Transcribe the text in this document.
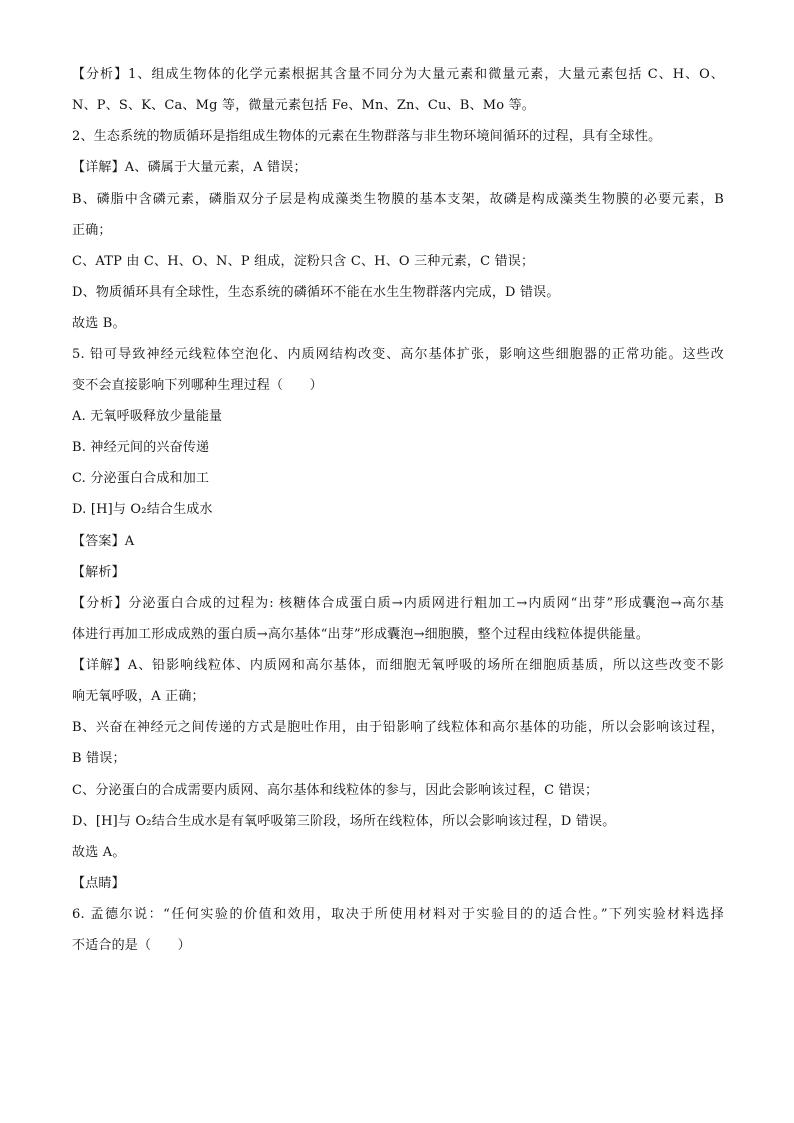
【分析】1、组成生物体的化学元素根据其含量不同分为大量元素和微量元素，大量元素包括 C、H、O、
N、P、S、K、Ca、Mg 等，微量元素包括 Fe、Mn、Zn、Cu、B、Mo 等。
2、生态系统的物质循环是指组成生物体的元素在生物群落与非生物环境间循环的过程，具有全球性。
【详解】A、磷属于大量元素，A 错误；
B、磷脂中含磷元素，磷脂双分子层是构成藻类生物膜的基本支架，故磷是构成藻类生物膜的必要元素，B
正确；
C、ATP 由 C、H、O、N、P 组成，淀粉只含 C、H、O 三种元素，C 错误；
D、物质循环具有全球性，生态系统的磷循环不能在水生生物群落内完成，D 错误。
故选 B。
5. 铅可导致神经元线粒体空泡化、内质网结构改变、高尔基体扩张，影响这些细胞器的正常功能。这些改
变不会直接影响下列哪种生理过程（　　）
A. 无氧呼吸释放少量能量
B. 神经元间的兴奋传递
C. 分泌蛋白合成和加工
D. [H]与 O₂结合生成水
【答案】A
【解析】
【分析】分泌蛋白合成的过程为: 核糖体合成蛋白质→内质网进行粗加工→内质网“出芽”形成囊泡→高尔基
体进行再加工形成成熟的蛋白质→高尔基体“出芽”形成囊泡→细胞膜，整个过程由线粒体提供能量。
【详解】A、铅影响线粒体、内质网和高尔基体，而细胞无氧呼吸的场所在细胞质基质，所以这些改变不影
响无氧呼吸，A 正确；
B、兴奋在神经元之间传递的方式是胞吐作用，由于铅影响了线粒体和高尔基体的功能，所以会影响该过程，
B 错误；
C、分泌蛋白的合成需要内质网、高尔基体和线粒体的参与，因此会影响该过程，C 错误；
D、[H]与 O₂结合生成水是有氧呼吸第三阶段，场所在线粒体，所以会影响该过程，D 错误。
故选 A。
【点睛】
6. 孟德尔说：“任何实验的价值和效用，取决于所使用材料对于实验目的的适合性。”下列实验材料选择
不适合的是（　　）
